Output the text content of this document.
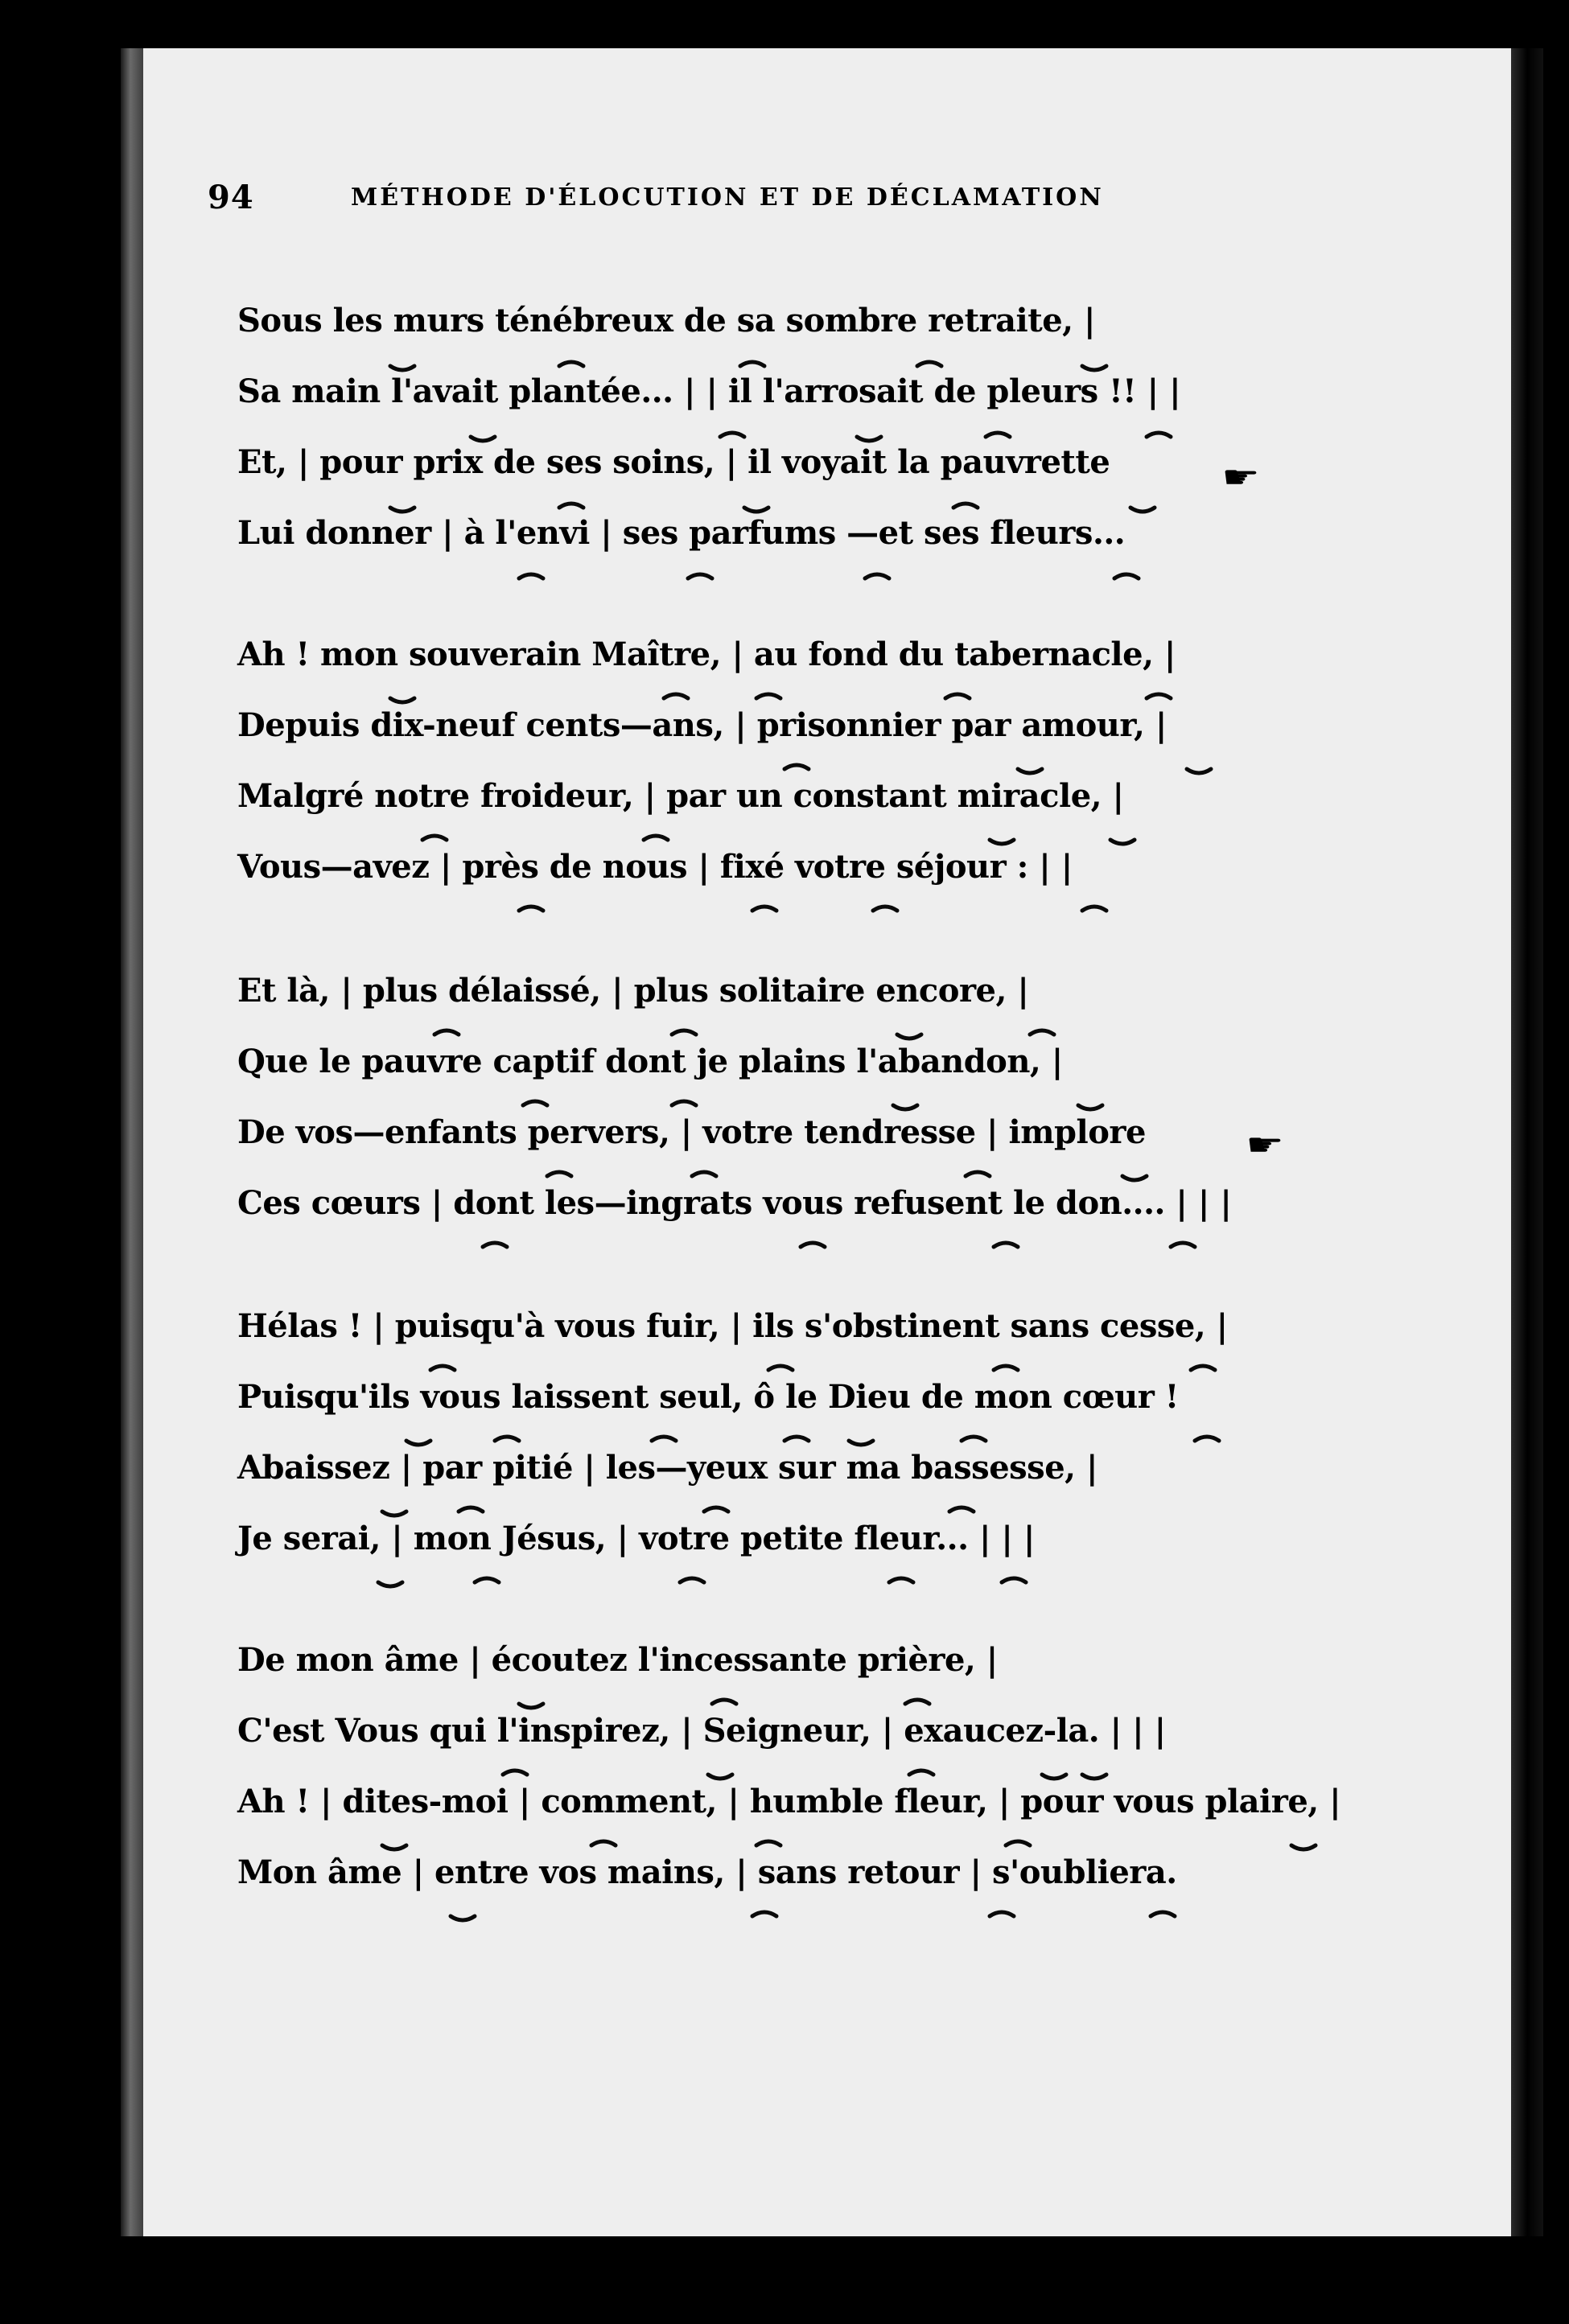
94	MÉTHODE D'ÉLOCUTION ET DE DÉCLAMATION
Sous les murs ténébreux de sa sombre retraite, |
Sa main l'avait plantée... | | il l'arrosait de pleurs !! | |
Et, | pour prix de ses soins, | il voyait la pauvrette
Lui donner | à l'envi | ses parfums —et ses fleurs...
Ah ! mon souverain Maître, | au fond du tabernacle, |
Depuis dix-neuf cents—ans, | prisonnier par amour, |
Malgré notre froideur, | par un constant miracle, |
Vous—avez | près de nous | fixé votre séjour : | |
Et là, | plus délaissé, | plus solitaire encore, |
Que le pauvre captif dont je plains l'abandon, |
De vos—enfants pervers, | votre tendresse | implore
Ces cœurs | dont les—ingrats vous refusent le don.... | | |
Hélas ! | puisqu'à vous fuir, | ils s'obstinent sans cesse, |
Puisqu'ils vous laissent seul, ô le Dieu de mon cœur !
Abaissez | par pitié | les—yeux sur ma bassesse, |
Je serai, | mon Jésus, | votre petite fleur... | | |
De mon âme | écoutez l'incessante prière, |
C'est Vous qui l'inspirez, | Seigneur, | exaucez-la. | | |
Ah ! | dites-moi | comment, | humble fleur, | pour vous plaire, |
Mon âme | entre vos mains, | sans retour | s'oubliera.
☛
☛
